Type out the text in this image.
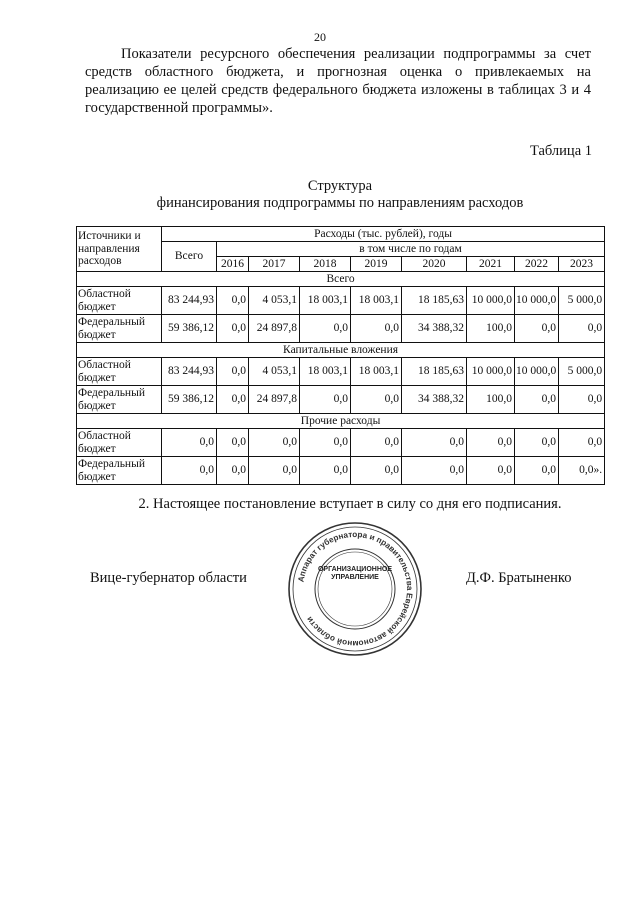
20

Показатели ресурсного обеспечения реализации подпрограммы за счет средств областного бюджета, и прогнозная оценка о привлекаемых на реализацию ее целей средств федерального бюджета изложены в таблицах 3 и 4 государственной программы».

Таблица 1
Структура
финансирования подпрограммы по направлениям расходов
Источники и направления расходов	Расходы (тыс. рублей), годы								
	Всего	в том числе по годам							
		2016	2017	2018	2019	2020	2021	2022	2023
Всего									
Областной бюджет	83 244,93	0,0	4 053,1	18 003,1	18 003,1	18 185,63	10 000,0	10 000,0	5 000,0
Федеральный бюджет	59 386,12	0,0	24 897,8	0,0	0,0	34 388,32	100,0	0,0	0,0
Капитальные вложения									
Областной бюджет	83 244,93	0,0	4 053,1	18 003,1	18 003,1	18 185,63	10 000,0	10 000,0	5 000,0
Федеральный бюджет	59 386,12	0,0	24 897,8	0,0	0,0	34 388,32	100,0	0,0	0,0
Прочие расходы									
Областной бюджет	0,0	0,0	0,0	0,0	0,0	0,0	0,0	0,0	0,0
Федеральный бюджет	0,0	0,0	0,0	0,0	0,0	0,0	0,0	0,0	0,0».
2. Настоящее постановление вступает в силу со дня его подписания.
Вице-губернатор области	Аппарат губернатора и правительства Еврейской автономной области
ОРГАНИЗАЦИОННОЕ
УПРАВЛЕНИЕ	Д.Ф. Братыненко
